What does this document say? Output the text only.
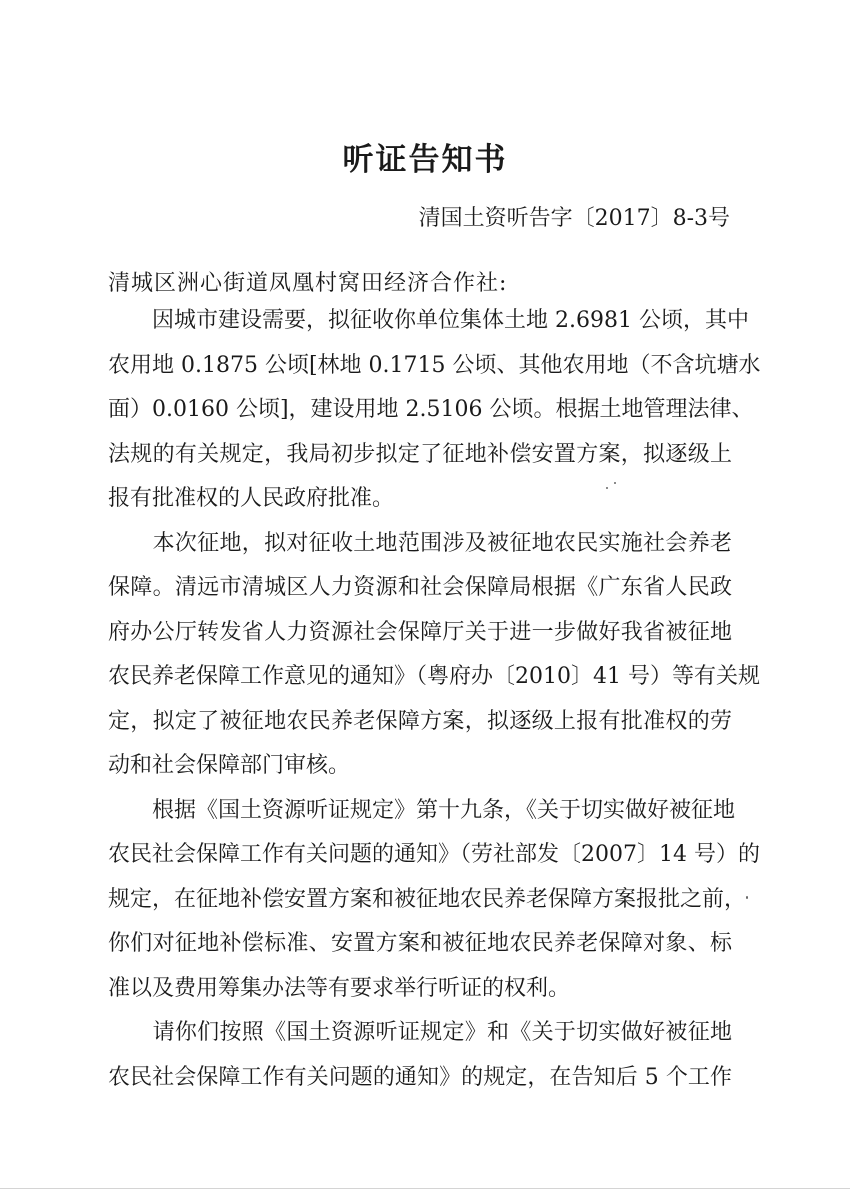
听证告知书
清国土资听告字〔2017〕8-3号
清城区洲心街道凤凰村窝田经济合作社:

　　因城市建设需要，拟征收你单位集体土地 2.6981 公顷，其中
农用地 0.1875 公顷[林地 0.1715 公顷、其他农用地（不含坑塘水
面）0.0160 公顷]，建设用地 2.5106 公顷。根据土地管理法律、
法规的有关规定，我局初步拟定了征地补偿安置方案，拟逐级上
报有批准权的人民政府批准。

　　本次征地，拟对征收土地范围涉及被征地农民实施社会养老
保障。清远市清城区人力资源和社会保障局根据《广东省人民政
府办公厅转发省人力资源社会保障厅关于进一步做好我省被征地
农民养老保障工作意见的通知》（粤府办〔2010〕41 号）等有关规
定，拟定了被征地农民养老保障方案，拟逐级上报有批准权的劳
动和社会保障部门审核。

　　根据《国土资源听证规定》第十九条，《关于切实做好被征地
农民社会保障工作有关问题的通知》（劳社部发〔2007〕14 号）的
规定，在征地补偿安置方案和被征地农民养老保障方案报批之前，
你们对征地补偿标准、安置方案和被征地农民养老保障对象、标
准以及费用筹集办法等有要求举行听证的权利。

　　请你们按照《国土资源听证规定》和《关于切实做好被征地
农民社会保障工作有关问题的通知》的规定，在告知后 5 个工作
